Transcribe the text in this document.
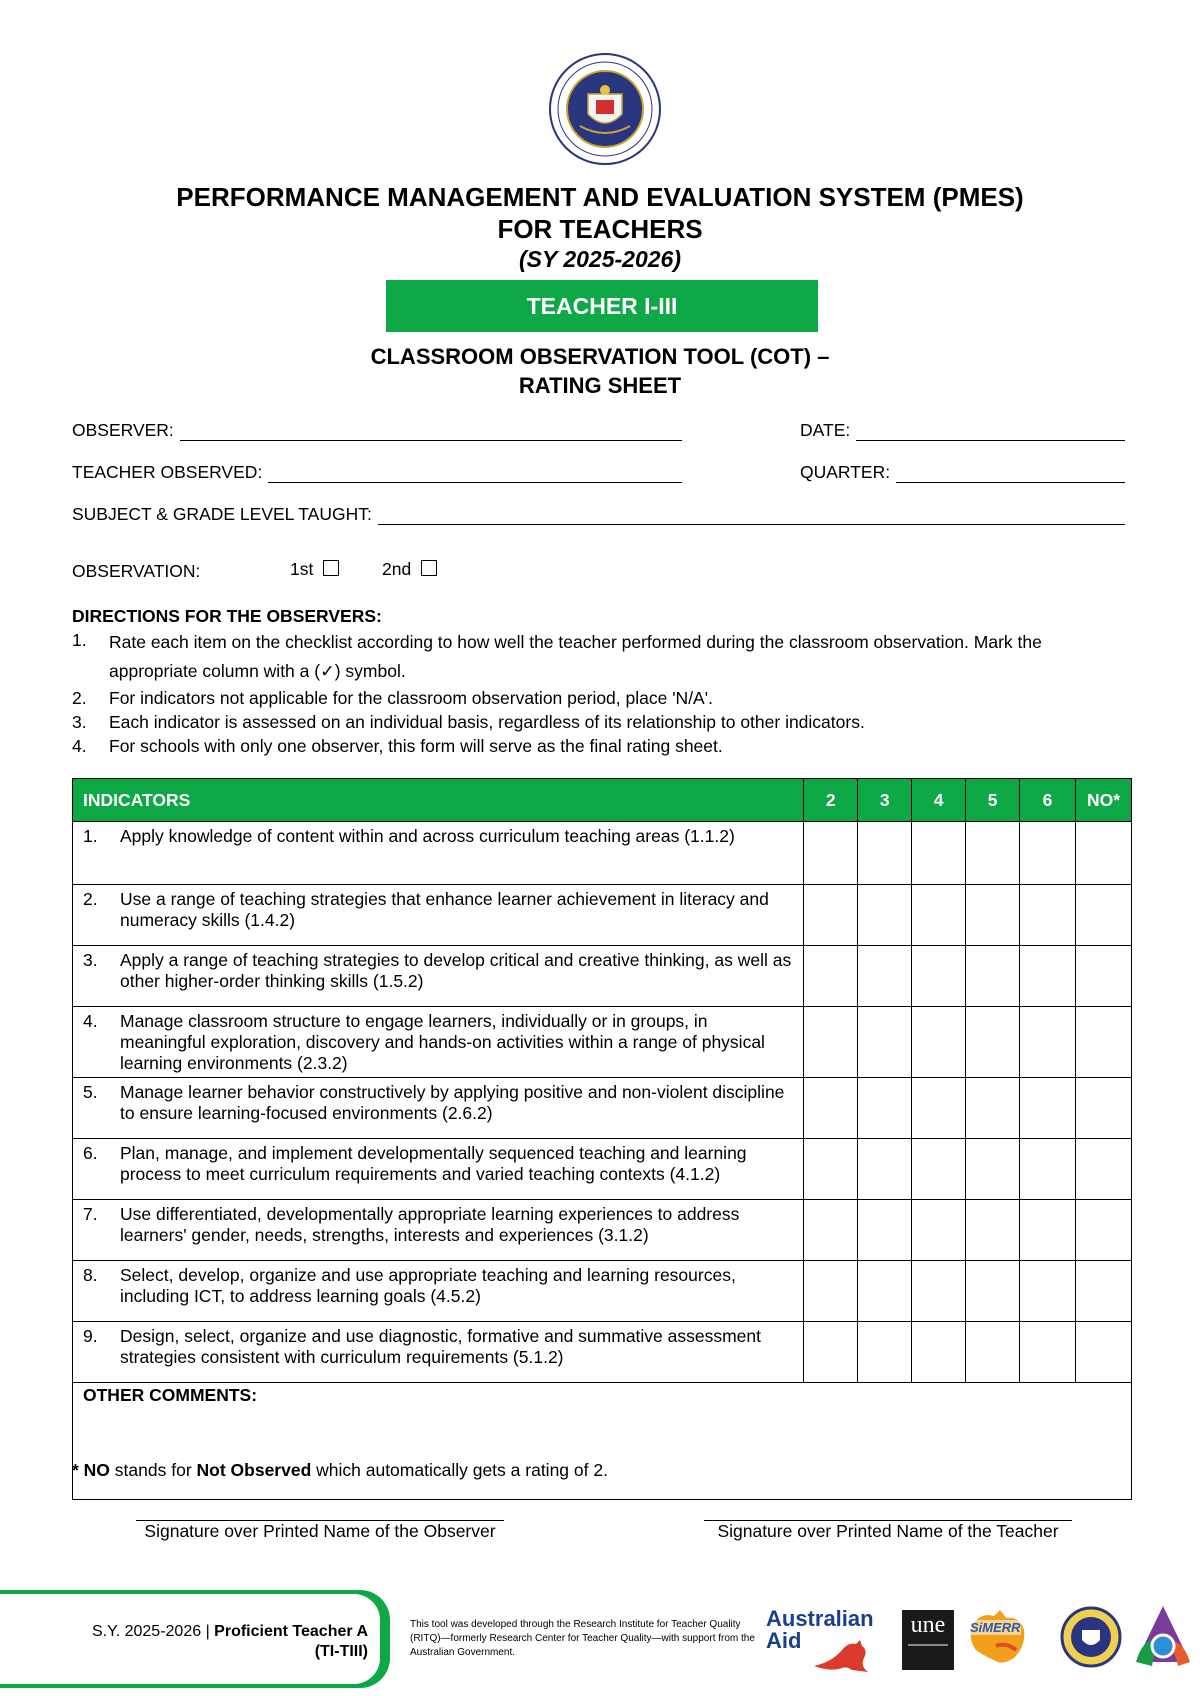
PERFORMANCE MANAGEMENT AND EVALUATION SYSTEM (PMES)
FOR TEACHERS
(SY 2025-2026)
TEACHER I-III
CLASSROOM OBSERVATION TOOL (COT) –
RATING SHEET
OBSERVER:	DATE:
TEACHER OBSERVED:	QUARTER:
SUBJECT & GRADE LEVEL TAUGHT:
OBSERVATION:	1st	2nd
DIRECTIONS FOR THE OBSERVERS:
1.	Rate each item on the checklist according to how well the teacher performed during the classroom observation. Mark the appropriate column with a (✓) symbol.
2.	For indicators not applicable for the classroom observation period, place 'N/A'.
3.	Each indicator is assessed on an individual basis, regardless of its relationship to other indicators.
4.	For schools with only one observer, this form will serve as the final rating sheet.
INDICATORS	2	3	4	5	6	NO*

1. Apply knowledge of content within and across curriculum teaching areas (1.1.2)						

2. Use a range of teaching strategies that enhance learner achievement in literacy and numeracy skills (1.4.2)						

3. Apply a range of teaching strategies to develop critical and creative thinking, as well as other higher-order thinking skills (1.5.2)						

4. Manage classroom structure to engage learners, individually or in groups, in meaningful exploration, discovery and hands-on activities within a range of physical learning environments (2.3.2)						

5. Manage learner behavior constructively by applying positive and non-violent discipline to ensure learning-focused environments (2.6.2)						

6. Plan, manage, and implement developmentally sequenced teaching and learning process to meet curriculum requirements and varied teaching contexts (4.1.2)						

7. Use differentiated, developmentally appropriate learning experiences to address learners' gender, needs, strengths, interests and experiences (3.1.2)						

8. Select, develop, organize and use appropriate teaching and learning resources, including ICT, to address learning goals (4.5.2)						

9. Design, select, organize and use diagnostic, formative and summative assessment strategies consistent with curriculum requirements (5.1.2)						

OTHER COMMENTS:						
* NO stands for Not Observed which automatically gets a rating of 2.
Signature over Printed Name of the Observer	Signature over Printed Name of the Teacher
S.Y. 2025-2026 | Proficient Teacher A
(TI-TIII)
This tool was developed through the Research Institute for Teacher Quality (RITQ)—formerly Research Center for Teacher Quality—with support from the Australian Government.
Australian
Aid
une	SiMERR
